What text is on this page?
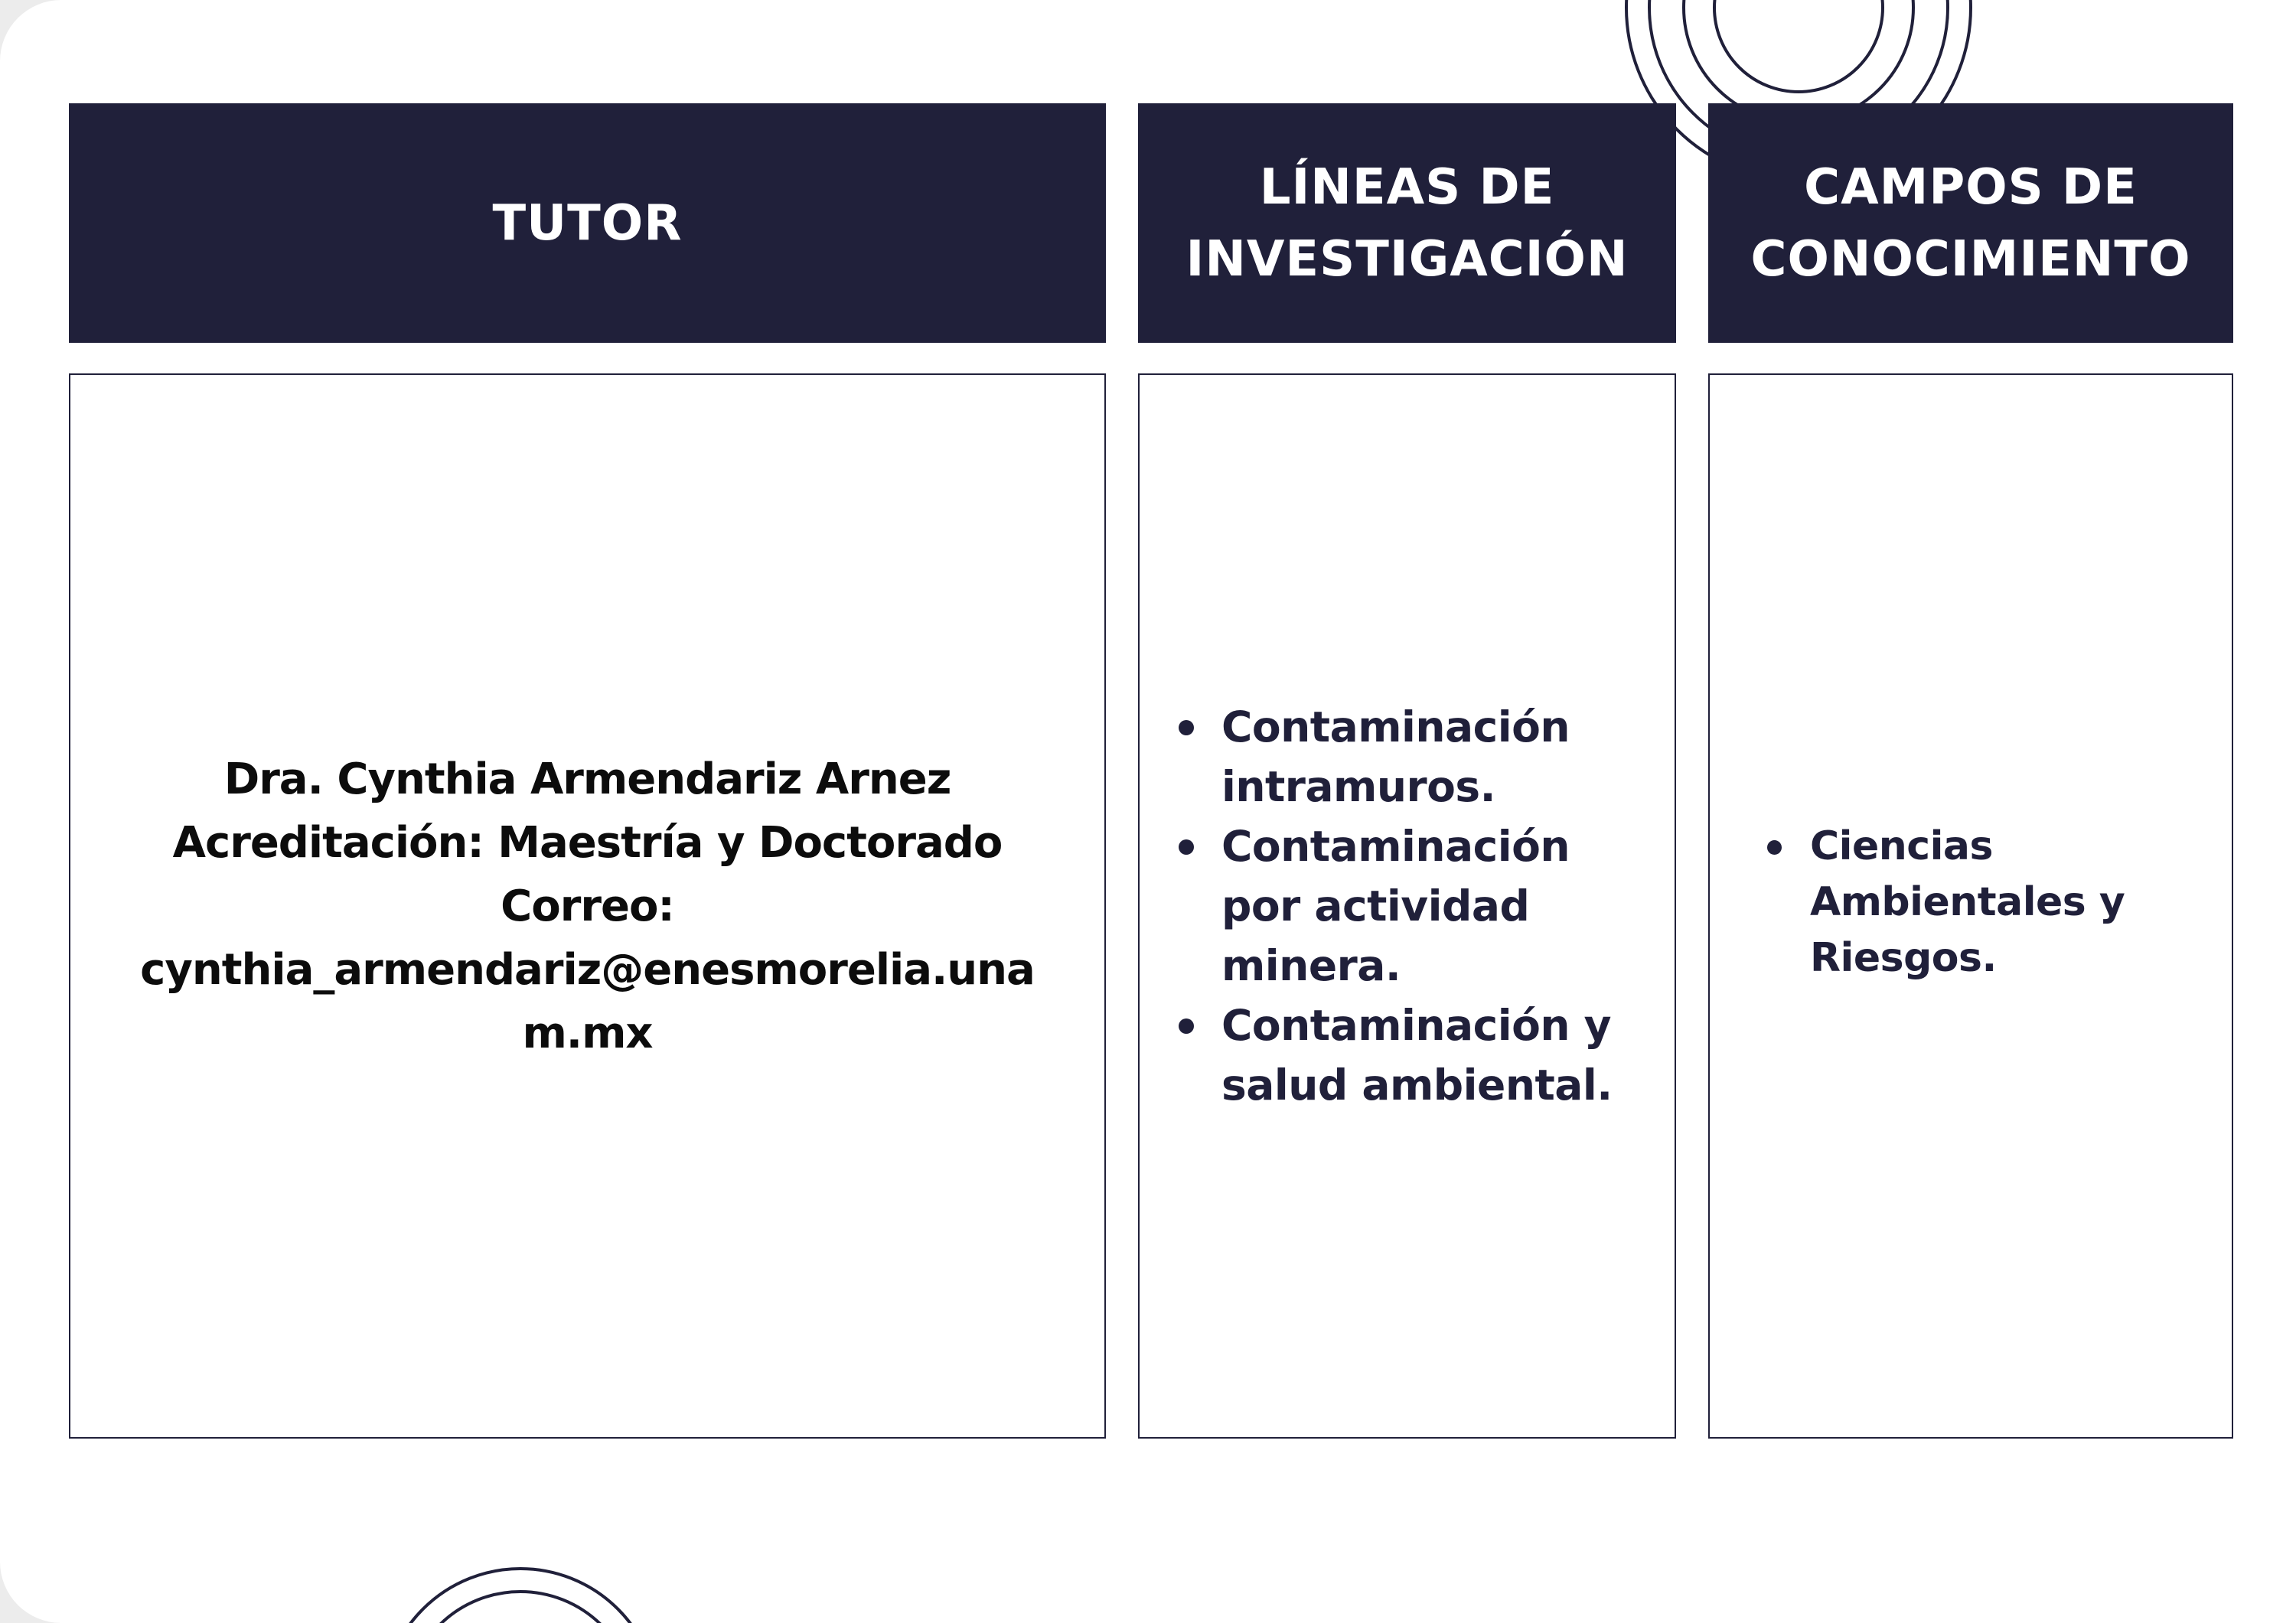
TUTOR
LÍNEAS DE
INVESTIGACIÓN
CAMPOS DE
CONOCIMIENTO
Dra. Cynthia Armendariz Arnez
Acreditación: Maestría y Doctorado
Correo:
cynthia_armendariz@enesmorelia.una
m.mx
Contaminación intramuros.
Contaminación por actividad minera.
Contaminación y salud ambiental.
Ciencias Ambientales y Riesgos.
